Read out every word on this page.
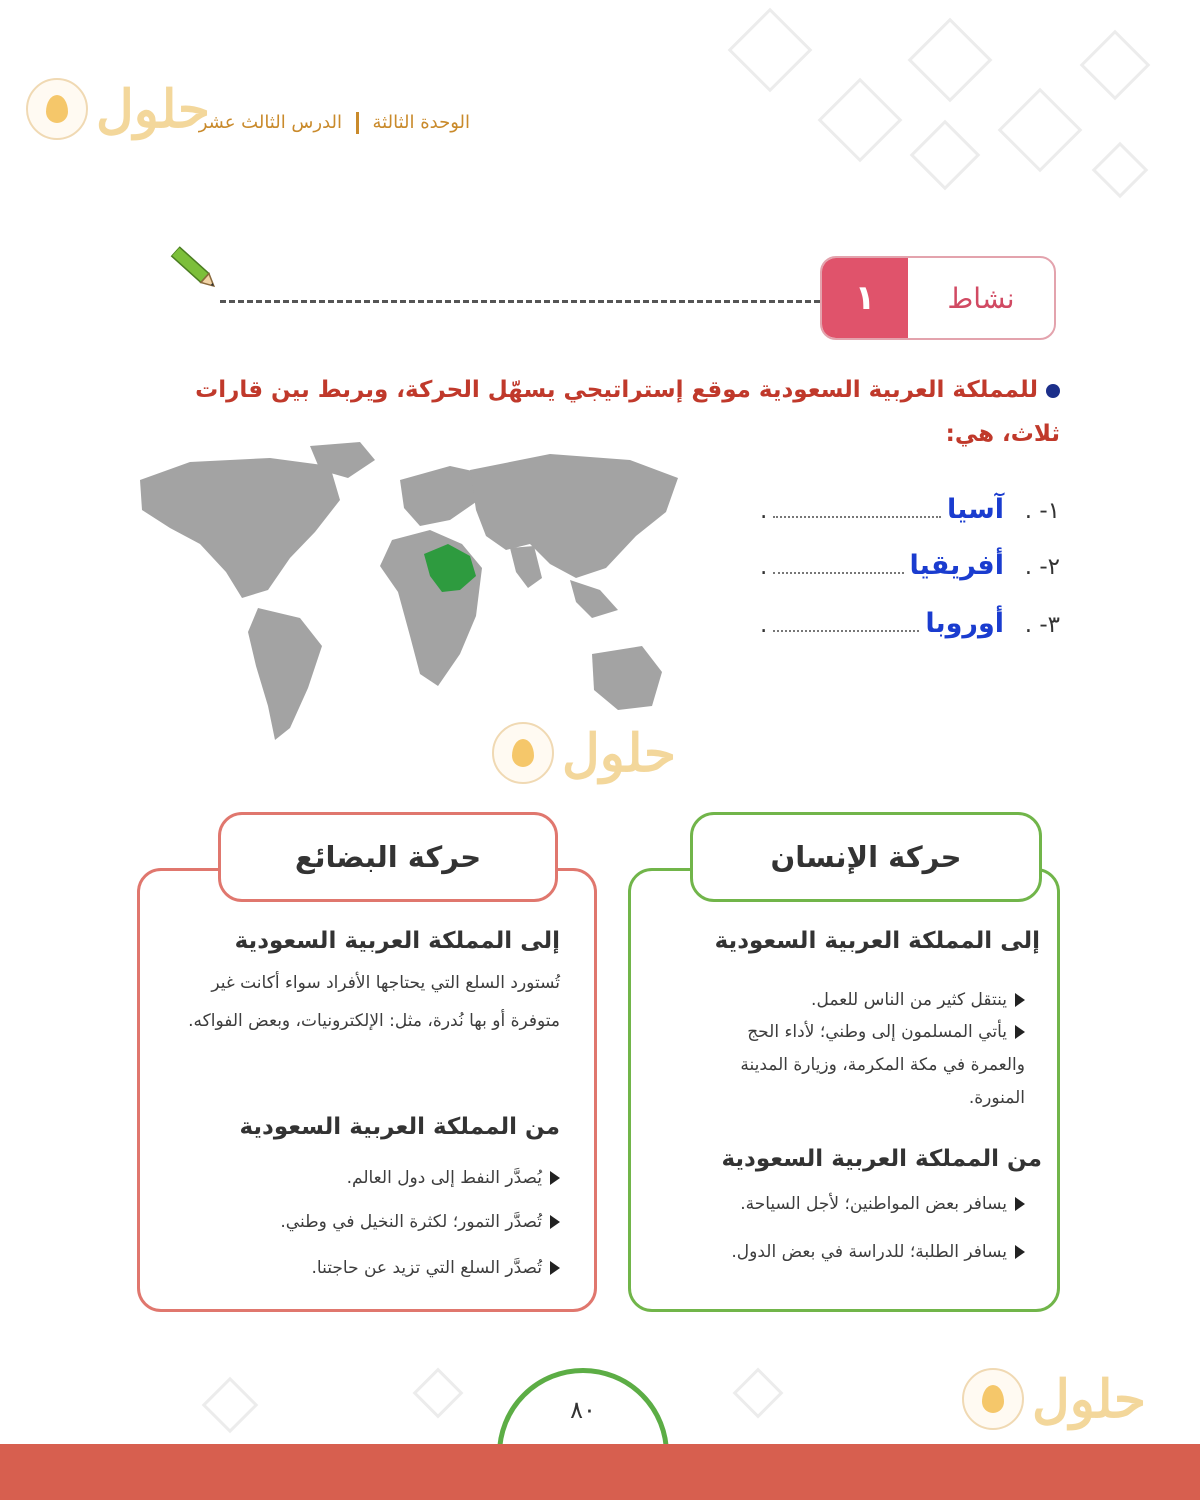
الوحدة الثالثة  الدرس الثالث عشر
حلول
حلول
حلول
١	نشاط
للمملكة العربية السعودية موقع إستراتيجي يسهّل الحركة، ويربط بين قارات ثلاث، هي:
١- .
آسيا
.
٢- .
أفريقيا
.
٣- .
أوروبا
.
حركة الإنسان
إلى المملكة العربية السعودية
ينتقل كثير من الناس للعمل.
يأتي المسلمون إلى وطني؛ لأداء الحج والعمرة في مكة المكرمة، وزيارة المدينة المنورة.
من المملكة العربية السعودية
يسافر بعض المواطنين؛ لأجل السياحة.
يسافر الطلبة؛ للدراسة في بعض الدول.
حركة البضائع
إلى المملكة العربية السعودية
تُستورد السلع التي يحتاجها الأفراد سواء أكانت غير متوفرة أو بها نُدرة، مثل: الإلكترونيات، وبعض الفواكه.
من المملكة العربية السعودية
يُصدَّر النفط إلى دول العالم.
تُصدَّر التمور؛ لكثرة النخيل في وطني.
تُصدَّر السلع التي تزيد عن حاجتنا.
٨٠
